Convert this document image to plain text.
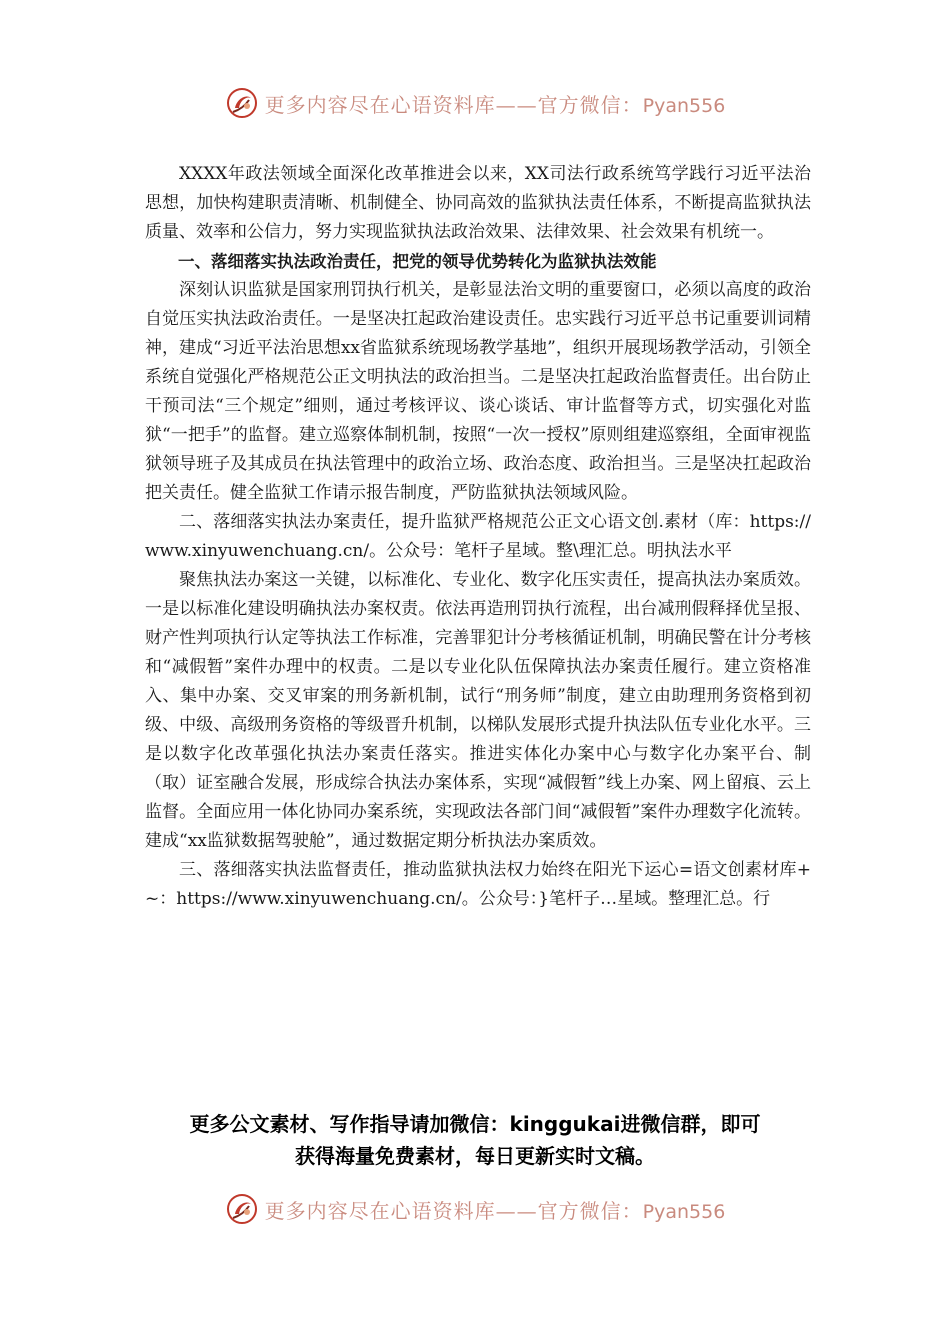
更多内容尽在心语资料库——官方微信：Pyan556

XXXX年政法领域全面深化改革推进会以来，XX司法行政系统笃学践行习近平法治思想，加快构建职责清晰、机制健全、协同高效的监狱执法责任体系，不断提高监狱执法质量、效率和公信力，努力实现监狱执法政治效果、法律效果、社会效果有机统一。

一、落细落实执法政治责任，把党的领导优势转化为监狱执法效能

深刻认识监狱是国家刑罚执行机关，是彰显法治文明的重要窗口，必须以高度的政治自觉压实执法政治责任。一是坚决扛起政治建设责任。忠实践行习近平总书记重要训词精神，建成“习近平法治思想xx省监狱系统现场教学基地”，组织开展现场教学活动，引领全系统自觉强化严格规范公正文明执法的政治担当。二是坚决扛起政治监督责任。出台防止干预司法“三个规定”细则，通过考核评议、谈心谈话、审计监督等方式，切实强化对监狱“一把手”的监督。建立巡察体制机制，按照“一次一授权”原则组建巡察组，全面审视监狱领导班子及其成员在执法管理中的政治立场、政治态度、政治担当。三是坚决扛起政治把关责任。健全监狱工作请示报告制度，严防监狱执法领域风险。

二、落细落实执法办案责任，提升监狱严格规范公正文心语文创.素材（库：https://www.xinyuwenchuang.cn/。公众号：笔杆子星域。整\理汇总。明执法水平

聚焦执法办案这一关键，以标准化、专业化、数字化压实责任，提高执法办案质效。一是以标准化建设明确执法办案权责。依法再造刑罚执行流程，出台减刑假释择优呈报、财产性判项执行认定等执法工作标准，完善罪犯计分考核循证机制，明确民警在计分考核和“减假暂”案件办理中的权责。二是以专业化队伍保障执法办案责任履行。建立资格准入、集中办案、交叉审案的刑务新机制，试行“刑务师”制度，建立由助理刑务资格到初级、中级、高级刑务资格的等级晋升机制，以梯队发展形式提升执法队伍专业化水平。三是以数字化改革强化执法办案责任落实。推进实体化办案中心与数字化办案平台、制（取）证室融合发展，形成综合执法办案体系，实现“减假暂”线上办案、网上留痕、云上监督。全面应用一体化协同办案系统，实现政法各部门间“减假暂”案件办理数字化流转。建成“xx监狱数据驾驶舱”，通过数据定期分析执法办案质效。

三、落细落实执法监督责任，推动监狱执法权力始终在阳光下运心=语文创素材库+~：https://www.xinyuwenchuang.cn/。公众号：}笔杆子…星域。整理汇总。行

更多公文素材、写作指导请加微信：kinggukai进微信群，即可
获得海量免费素材，每日更新实时文稿。
更多内容尽在心语资料库——官方微信：Pyan556
